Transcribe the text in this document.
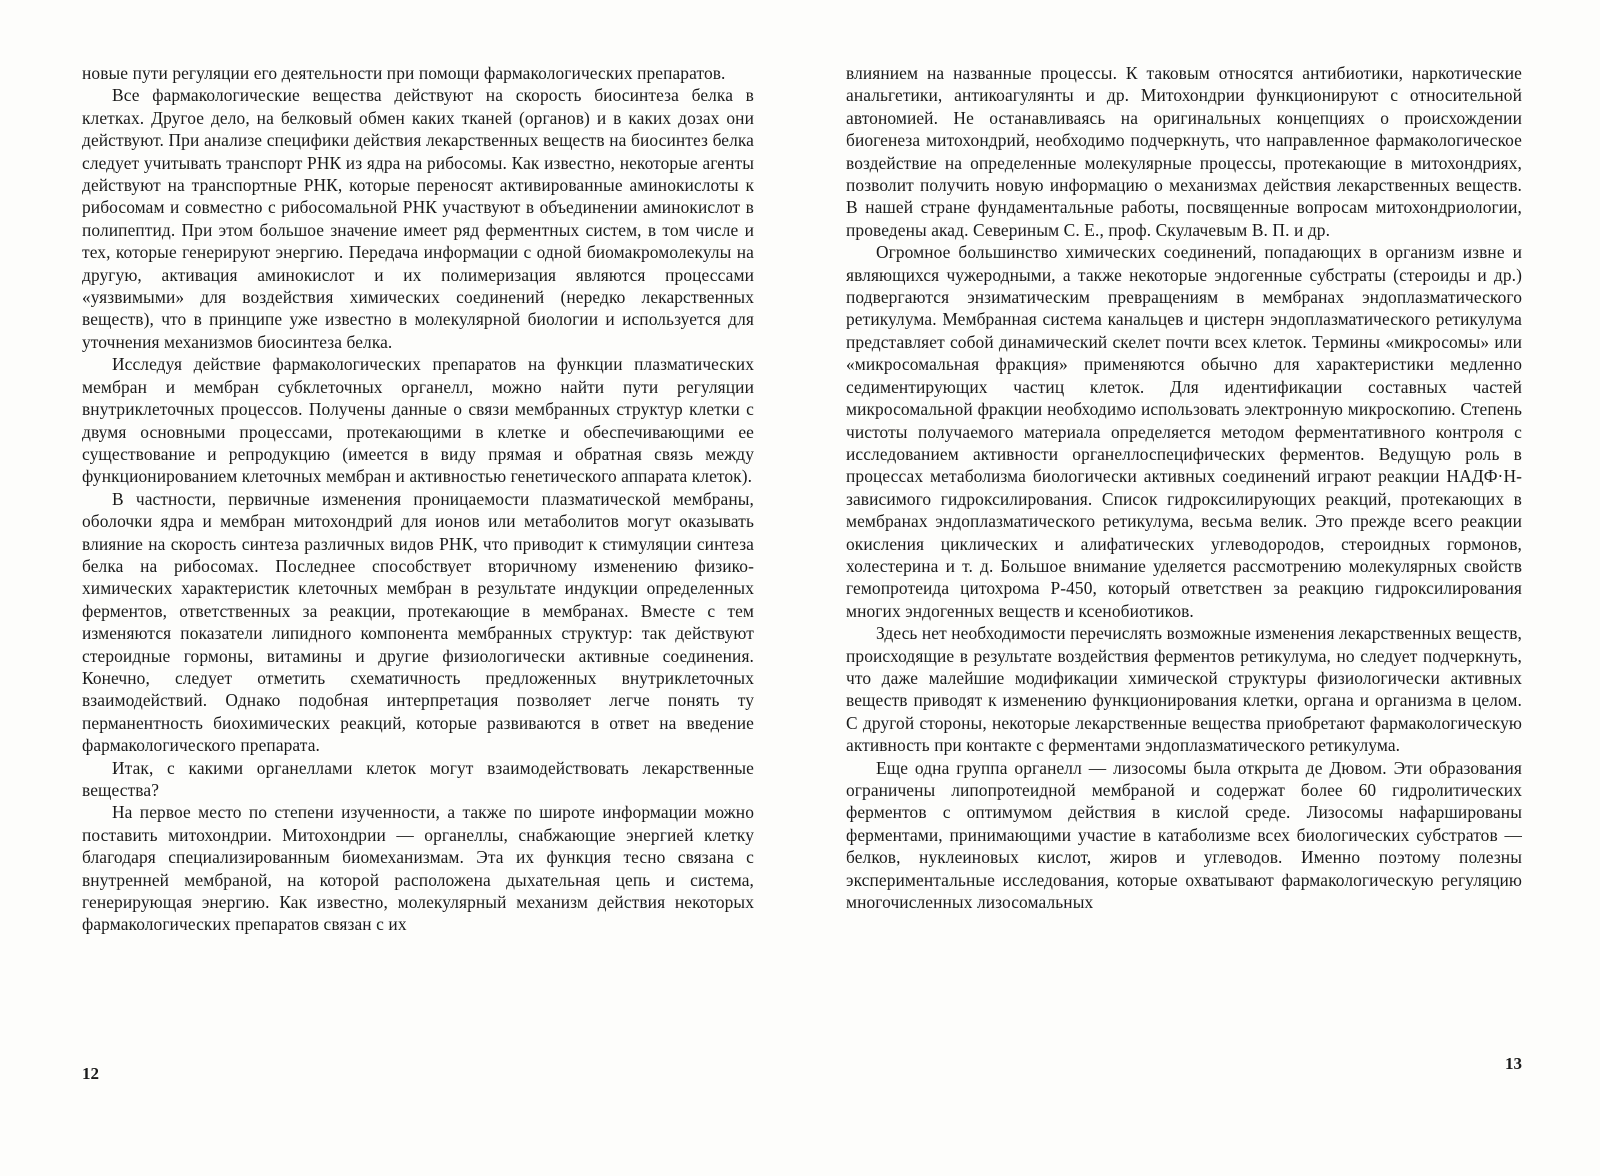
новые пути регуляции его деятельности при помощи фармакологических препаратов.

Все фармакологические вещества действуют на скорость биосинтеза белка в клетках. Другое дело, на белковый обмен каких тканей (органов) и в каких дозах они действуют. При анализе специфики действия лекарственных веществ на биосинтез белка следует учитывать транспорт РНК из ядра на рибосомы. Как известно, некоторые агенты действуют на транспортные РНК, которые переносят активированные аминокислоты к рибосомам и совместно с рибосомальной РНК участвуют в объединении аминокислот в полипептид. При этом большое значение имеет ряд ферментных систем, в том числе и тех, которые генерируют энергию. Передача информации с одной биомакромолекулы на другую, активация аминокислот и их полимеризация являются процессами «уязвимыми» для воздействия химических соединений (нередко лекарственных веществ), что в принципе уже известно в молекулярной биологии и используется для уточнения механизмов биосинтеза белка.

Исследуя действие фармакологических препаратов на функции плазматических мембран и мембран субклеточных органелл, можно найти пути регуляции внутриклеточных процессов. Получены данные о связи мембранных структур клетки с двумя основными процессами, протекающими в клетке и обеспечивающими ее существование и репродукцию (имеется в виду прямая и обратная связь между функционированием клеточных мембран и активностью генетического аппарата клеток).

В частности, первичные изменения проницаемости плазматической мембраны, оболочки ядра и мембран митохондрий для ионов или метаболитов могут оказывать влияние на скорость синтеза различных видов РНК, что приводит к стимуляции синтеза белка на рибосомах. Последнее способствует вторичному изменению физико-химических характеристик клеточных мембран в результате индукции определенных ферментов, ответственных за реакции, протекающие в мембранах. Вместе с тем изменяются показатели липидного компонента мембранных структур: так действуют стероидные гормоны, витамины и другие физиологически активные соединения. Конечно, следует отметить схематичность предложенных внутриклеточных взаимодействий. Однако подобная интерпретация позволяет легче понять ту перманентность биохимических реакций, которые развиваются в ответ на введение фармакологического препарата.

Итак, с какими органеллами клеток могут взаимодействовать лекарственные вещества?

На первое место по степени изученности, а также по широте информации можно поставить митохондрии. Митохондрии — органеллы, снабжающие энергией клетку благодаря специализированным биомеханизмам. Эта их функция тесно связана с внутренней мембраной, на которой расположена дыхательная цепь и система, генерирующая энергию. Как известно, молекулярный механизм действия некоторых фармакологических препаратов связан с их

12

влиянием на названные процессы. К таковым относятся антибиотики, наркотические анальгетики, антикоагулянты и др. Митохондрии функционируют с относительной автономией. Не останавливаясь на оригинальных концепциях о происхождении биогенеза митохондрий, необходимо подчеркнуть, что направленное фармакологическое воздействие на определенные молекулярные процессы, протекающие в митохондриях, позволит получить новую информацию о механизмах действия лекарственных веществ. В нашей стране фундаментальные работы, посвященные вопросам митохондриологии, проведены акад. Севериным С. Е., проф. Скулачевым В. П. и др.

Огромное большинство химических соединений, попадающих в организм извне и являющихся чужеродными, а также некоторые эндогенные субстраты (стероиды и др.) подвергаются энзиматическим превращениям в мембранах эндоплазматического ретикулума. Мембранная система канальцев и цистерн эндоплазматического ретикулума представляет собой динамический скелет почти всех клеток. Термины «микросомы» или «микросомальная фракция» применяются обычно для характеристики медленно седиментирующих частиц клеток. Для идентификации составных частей микросомальной фракции необходимо использовать электронную микроскопию. Степень чистоты получаемого материала определяется методом ферментативного контроля с исследованием активности органеллоспецифических ферментов. Ведущую роль в процессах метаболизма биологически активных соединений играют реакции НАДФ·Н-зависимого гидроксилирования. Список гидроксилирующих реакций, протекающих в мембранах эндоплазматического ретикулума, весьма велик. Это прежде всего реакции окисления циклических и алифатических углеводородов, стероидных гормонов, холестерина и т. д. Большое внимание уделяется рассмотрению молекулярных свойств гемопротеида цитохрома Р-450, который ответствен за реакцию гидроксилирования многих эндогенных веществ и ксенобиотиков.

Здесь нет необходимости перечислять возможные изменения лекарственных веществ, происходящие в результате воздействия ферментов ретикулума, но следует подчеркнуть, что даже малейшие модификации химической структуры физиологически активных веществ приводят к изменению функционирования клетки, органа и организма в целом. С другой стороны, некоторые лекарственные вещества приобретают фармакологическую активность при контакте с ферментами эндоплазматического ретикулума.

Еще одна группа органелл — лизосомы была открыта де Дювом. Эти образования ограничены липопротеидной мембраной и содержат более 60 гидролитических ферментов с оптимумом действия в кислой среде. Лизосомы нафаршированы ферментами, принимающими участие в катаболизме всех биологических субстратов — белков, нуклеиновых кислот, жиров и углеводов. Именно поэтому полезны экспериментальные исследования, которые охватывают фармакологическую регуляцию многочисленных лизосомальных

13
